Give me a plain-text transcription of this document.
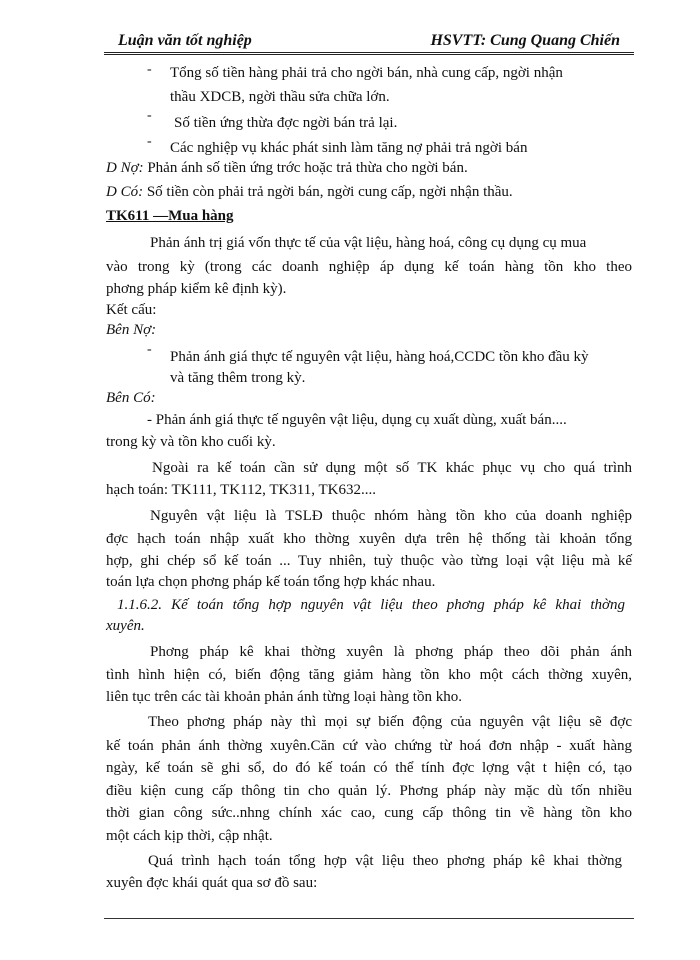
Luận văn tốt nghiệp	HSVTT: Cung Quang Chiến
- Tổng số tiền hàng phải trả cho ngời bán, nhà cung cấp, ngời nhận
thầu XDCB, ngời thầu sửa chữa lớn.
- Số tiền ứng thừa đợc ngời bán trả lại.
- Các nghiệp vụ khác phát sinh làm tăng nợ phải trả ngời bán
D Nợ: Phản ánh số tiền ứng trớc hoặc trả thừa cho ngời bán.
D Có: Số tiền còn phải trả ngời bán, ngời cung cấp, ngời nhận thầu.
TK611 —Mua hàng
Phản ánh trị giá vốn thực tế của vật liệu, hàng hoá, công cụ dụng cụ mua
vào trong kỳ (trong các doanh nghiệp áp dụng kế toán hàng tồn kho theo
phơng pháp kiểm kê định kỳ).
Kết cấu:
Bên Nợ:
- Phản ánh giá thực tế nguyên vật liệu, hàng hoá,CCDC tồn kho đầu kỳ
và tăng thêm trong kỳ.
Bên Có:
- Phản ánh giá thực tế nguyên vật liệu, dụng cụ xuất dùng, xuất bán....
trong kỳ và tồn kho cuối kỳ.
Ngoài ra kế toán cần sử dụng một số TK khác phục vụ cho quá trình
hạch toán: TK111, TK112, TK311, TK632....
Nguyên vật liệu là TSLĐ thuộc nhóm hàng tồn kho của doanh nghiệp
đợc hạch toán nhập xuất kho thờng xuyên dựa trên hệ thống tài khoản tổng
hợp, ghi chép sổ kế toán ... Tuy nhiên, tuỳ thuộc vào từng loại vật liệu mà kế
toán lựa chọn phơng pháp kế toán tổng hợp khác nhau.
1.1.6.2. Kế toán tổng hợp nguyên vật liệu theo phơng pháp kê khai thờng
xuyên.
Phơng pháp kê khai thờng xuyên là phơng pháp theo dõi phản ánh
tình hình hiện có, biến động tăng giảm hàng tồn kho một cách thờng xuyên,
liên tục trên các tài khoản phản ánh từng loại hàng tồn kho.
Theo phơng pháp này thì mọi sự biến động của nguyên vật liệu sẽ đợc
kế toán phản ánh thờng xuyên.Căn cứ vào chứng từ hoá đơn nhập - xuất hàng
ngày, kế toán sẽ ghi sổ, do đó kế toán có thể tính đợc lợng vật t hiện có, tạo
điều kiện cung cấp thông tin cho quản lý. Phơng pháp này mặc dù tốn nhiều
thời gian công sức..nhng chính xác cao, cung cấp thông tin về hàng tồn kho
một cách kịp thời, cập nhật.
Quá trình hạch toán tổng hợp vật liệu theo phơng pháp kê khai thờng
xuyên đợc khái quát qua sơ đồ sau:
